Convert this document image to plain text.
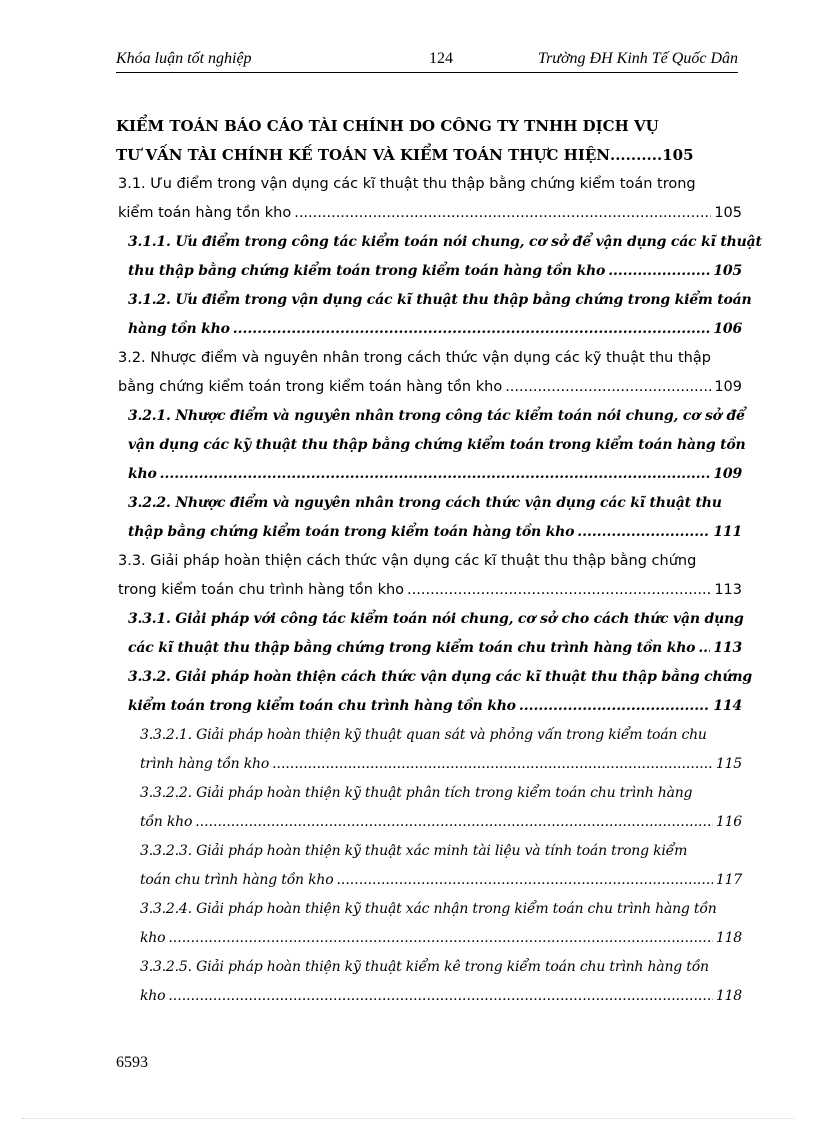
Khóa luận tốt nghiệp	124	Trường ĐH Kinh Tế Quốc Dân
KIỂM TOÁN BÁO CÁO TÀI CHÍNH DO CÔNG TY TNHH DỊCH VỤ
TƯ VẤN TÀI CHÍNH KẾ TOÁN VÀ KIỂM TOÁN THỰC HIỆN .......... 105
3.1. Ưu điểm trong vận dụng các kĩ thuật thu thập bằng chứng kiểm toán trong
kiểm toán hàng tồn kho .....	105
3.1.1. Ưu điểm trong công tác kiểm toán nói chung, cơ sở để vận dụng các kĩ thuật
thu thập bằng chứng kiểm toán trong kiểm toán hàng tồn kho .....	105
3.1.2. Ưu điểm trong vận dụng các kĩ thuật thu thập bằng chứng trong kiểm toán
hàng tồn kho .....	106
3.2. Nhược điểm và nguyên nhân trong cách thức vận dụng các kỹ thuật thu thập
bằng chứng kiểm toán trong kiểm toán hàng tồn kho .....	109
3.2.1. Nhược điểm và nguyên nhân trong công tác kiểm toán nói chung, cơ sở để
vận dụng các kỹ thuật thu thập bằng chứng kiểm toán trong kiểm toán hàng tồn
kho .....	109
3.2.2. Nhược điểm và nguyên nhân trong cách thức vận dụng các kĩ thuật thu
thập bằng chứng kiểm toán trong kiểm toán hàng tồn kho .....	111
3.3. Giải pháp hoàn thiện cách thức vận dụng các kĩ thuật thu thập bằng chứng
trong kiểm toán chu trình hàng tồn kho .....	113
3.3.1. Giải pháp với công tác kiểm toán nói chung, cơ sở cho cách thức vận dụng
các kĩ thuật thu thập bằng chứng trong kiểm toán chu trình hàng tồn kho ..... 113
3.3.2. Giải pháp hoàn thiện cách thức vận dụng các kĩ thuật thu thập bằng chứng
kiểm toán trong kiểm toán chu trình hàng tồn kho .....	114
3.3.2.1. Giải pháp hoàn thiện kỹ thuật quan sát và phỏng vấn trong kiểm toán chu
trình hàng tồn kho .....	115
3.3.2.2. Giải pháp hoàn thiện kỹ thuật phân tích trong kiểm toán chu trình hàng
tồn kho .....	116
3.3.2.3. Giải pháp hoàn thiện kỹ thuật xác minh tài liệu và tính toán trong kiểm
toán chu trình hàng tồn kho .....	117
3.3.2.4. Giải pháp hoàn thiện kỹ thuật xác nhận trong kiểm toán chu trình hàng tồn
kho .....	118
3.3.2.5. Giải pháp hoàn thiện kỹ thuật kiểm kê trong kiểm toán chu trình hàng tồn
kho .....	118
6593
